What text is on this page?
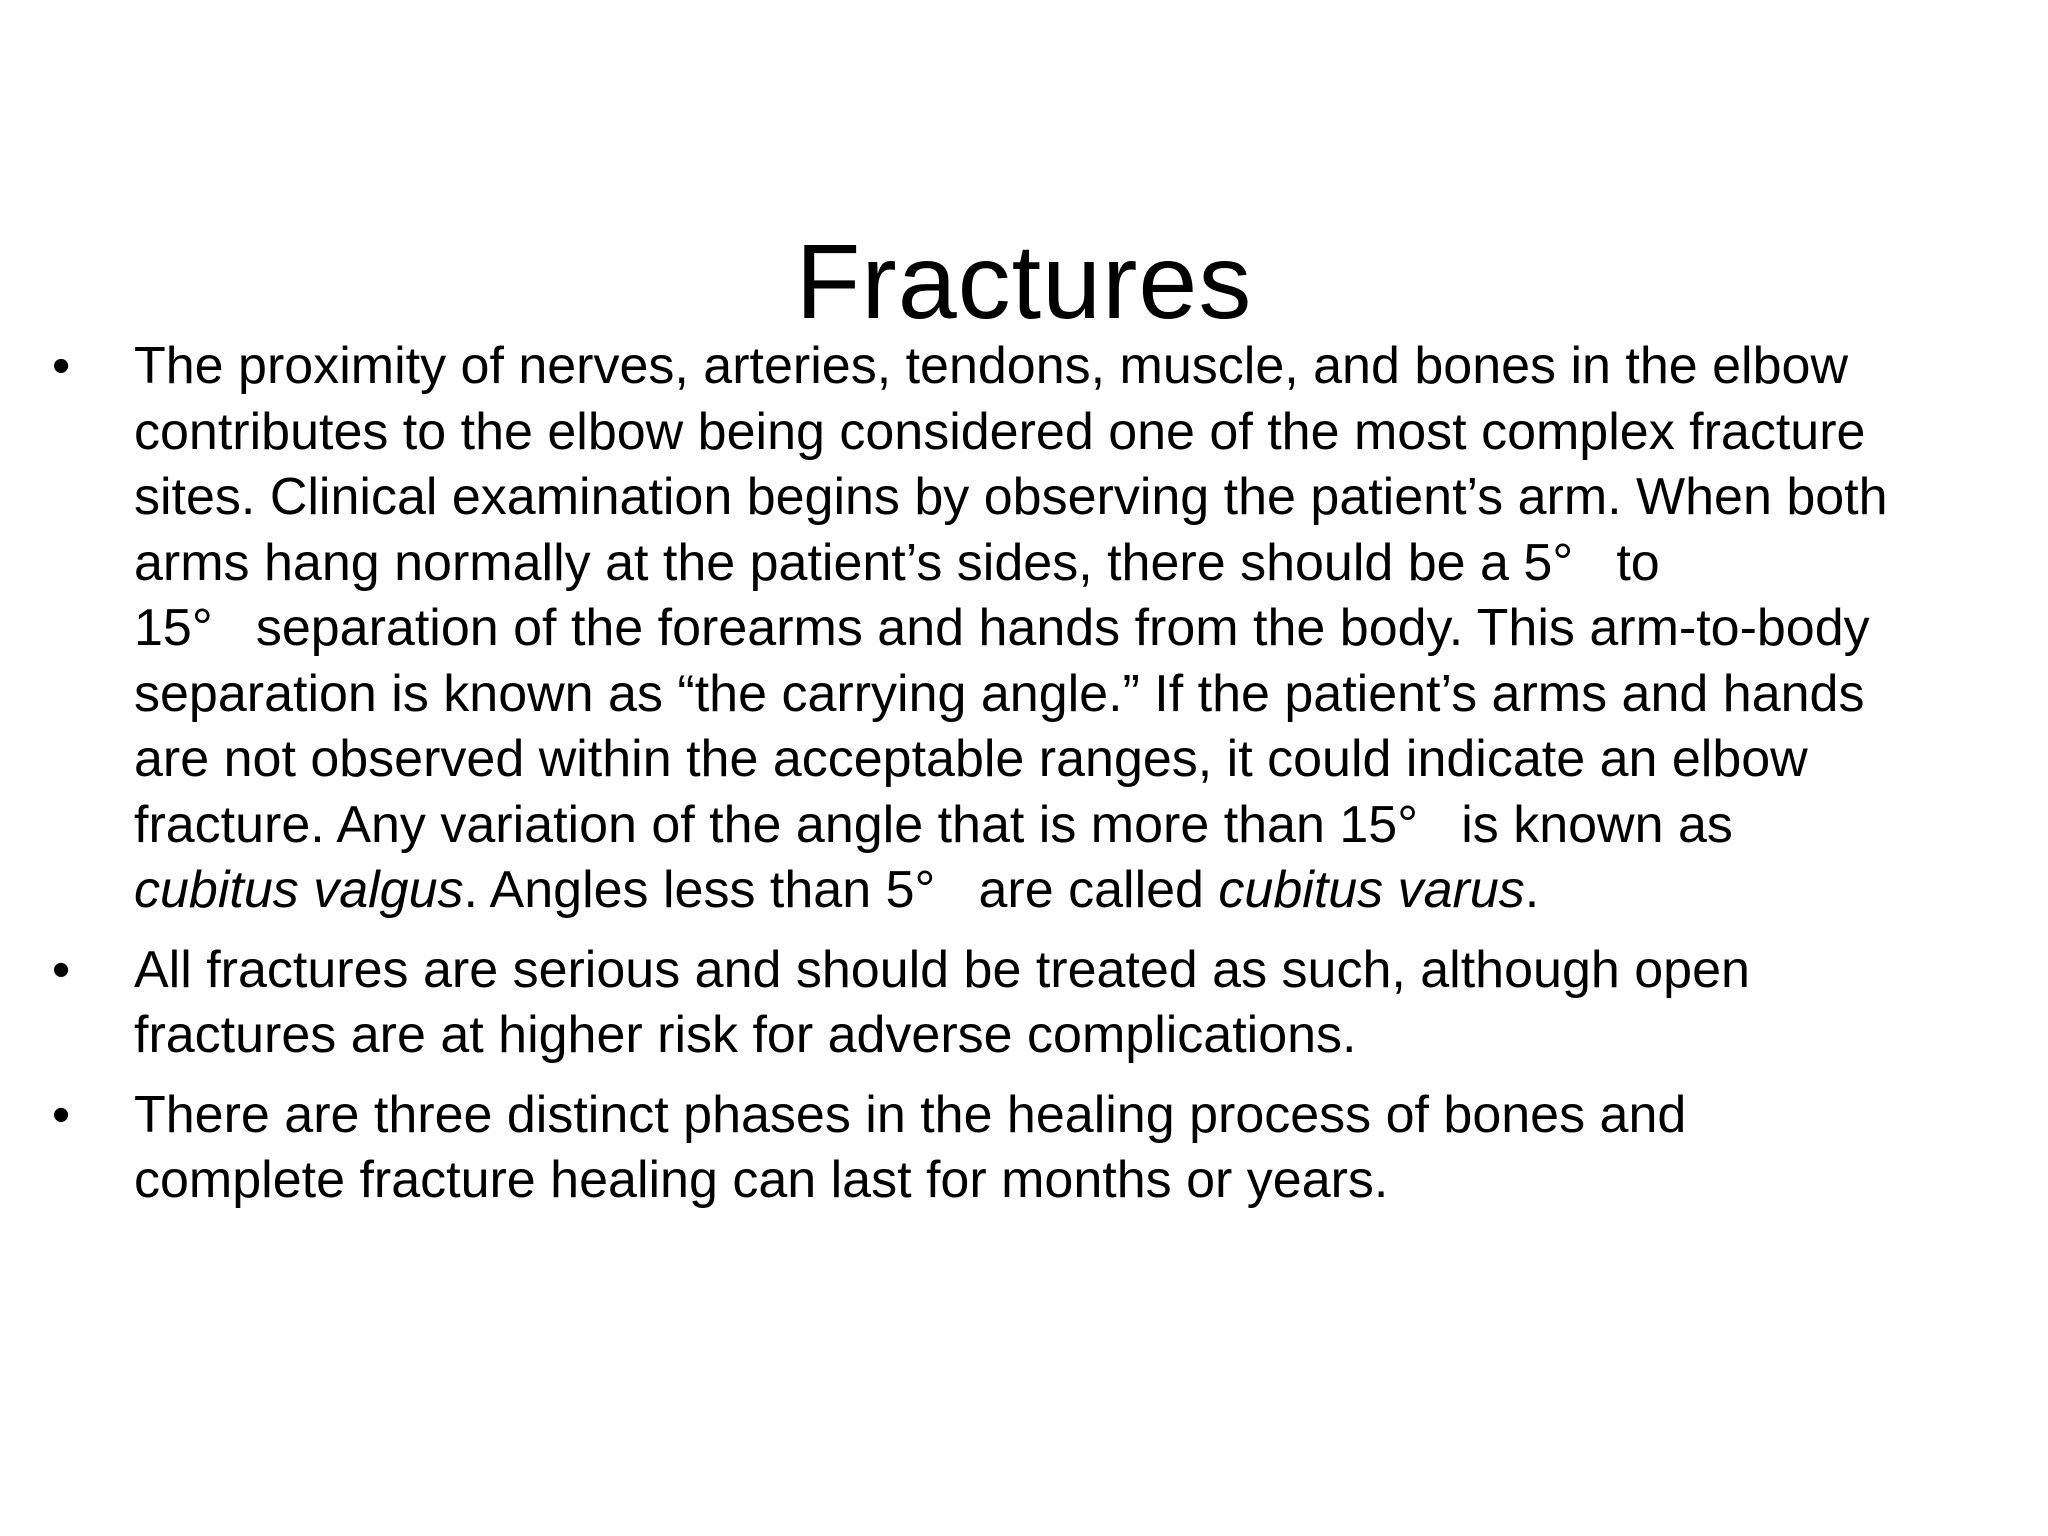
Fractures
•	The proximity of nerves, arteries, tendons, muscle, and bones in the elbow
contributes to the elbow being considered one of the most complex fracture
sites. Clinical examination begins by observing the patient’s arm. When both
arms hang normally at the patient’s sides, there should be a 5° to
15° separation of the forearms and hands from the body. This arm-to-body
separation is known as “the carrying angle.” If the patient’s arms and hands
are not observed within the acceptable ranges, it could indicate an elbow
fracture. Any variation of the angle that is more than 15° is known as
cubitus valgus. Angles less than 5° are called cubitus varus.
•	All fractures are serious and should be treated as such, although open
fractures are at higher risk for adverse complications.
•	There are three distinct phases in the healing process of bones and
complete fracture healing can last for months or years.
